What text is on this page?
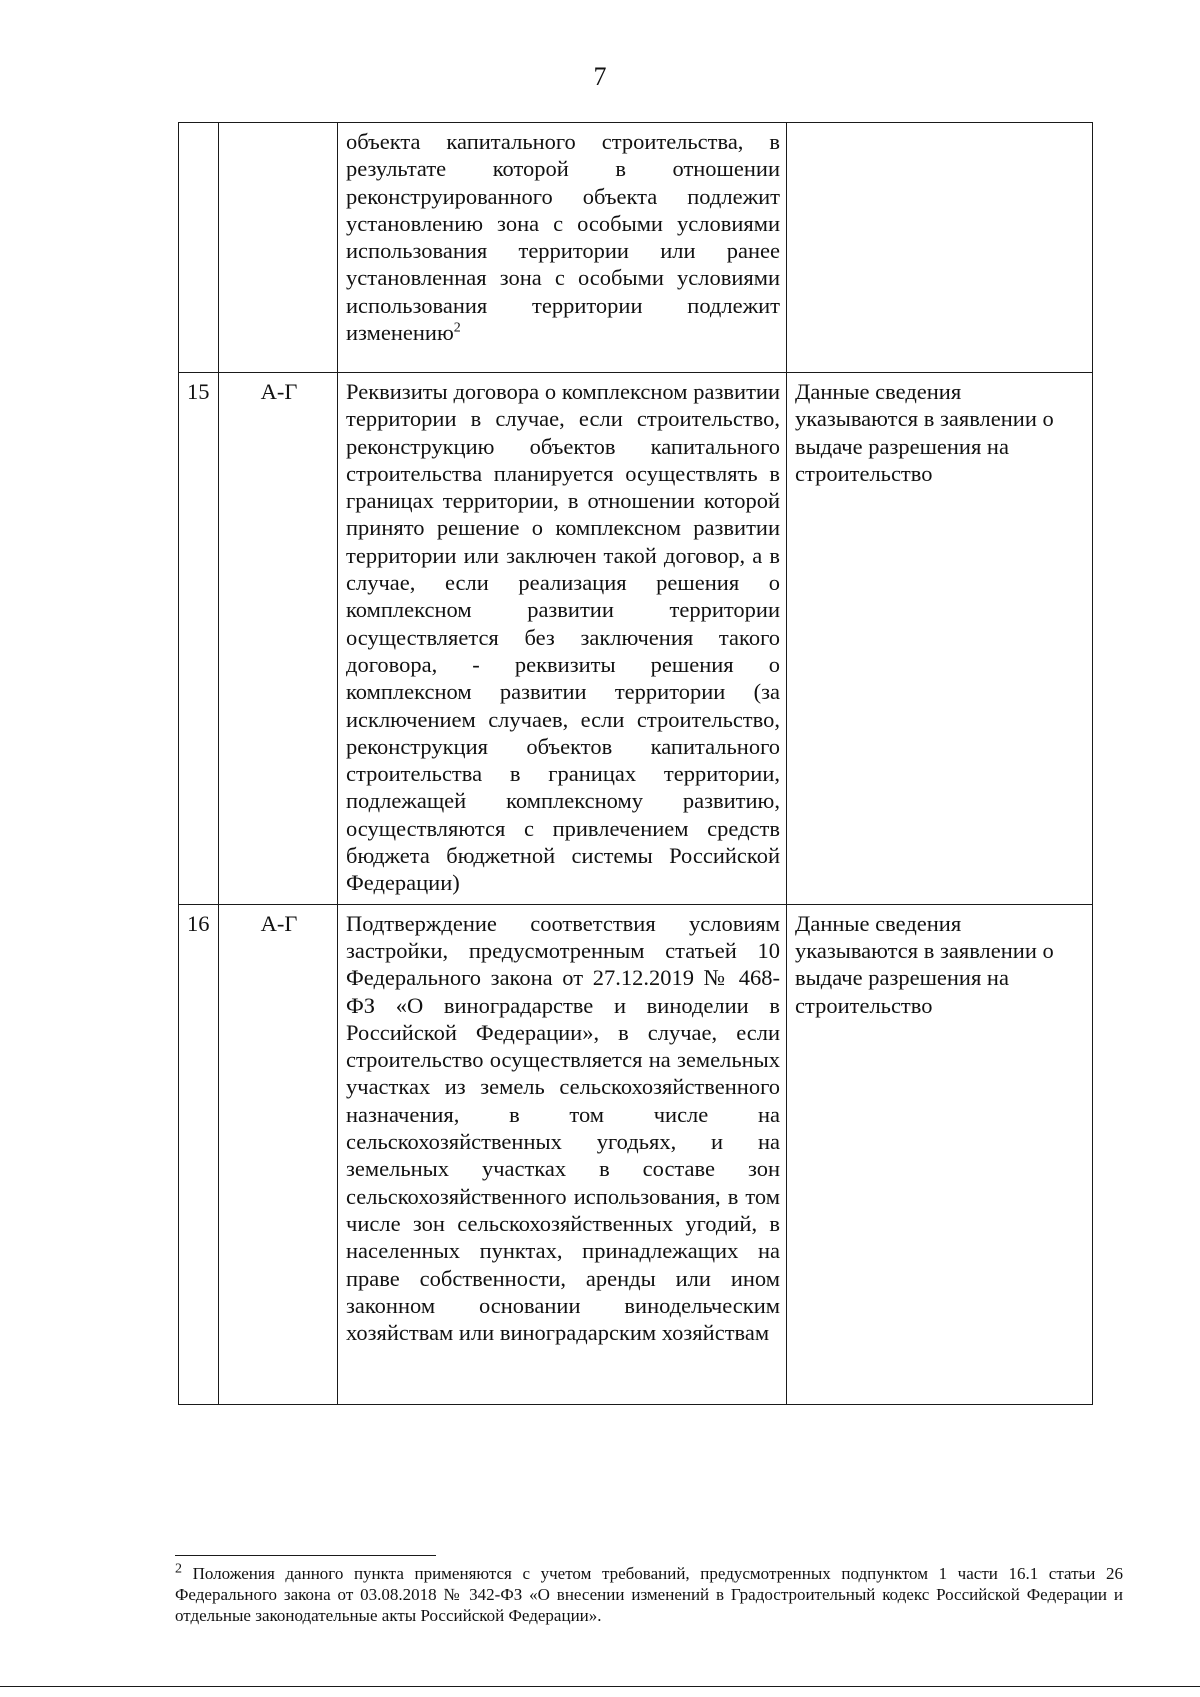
7
		объекта капитального строительства, в результате которой в отношении реконструированного объекта подлежит установлению зона с особыми условиями использования территории или ранее установленная зона с особыми условиями использования территории подлежит изменению$^2$	
15	А-Г	Реквизиты договора о комплексном развитии территории в случае, если строительство, реконструкцию объектов капитального строительства планируется осуществлять в границах территории, в отношении которой принято решение о комплексном развитии территории или заключен такой договор, а в случае, если реализация решения о комплексном развитии территории осуществляется без заключения такого договора, - реквизиты решения о комплексном развитии территории (за исключением случаев, если строительство, реконструкция объектов капитального строительства в границах территории, подлежащей комплексному развитию, осуществляются с привлечением средств бюджета бюджетной системы Российской Федерации)	Данные сведения указываются в заявлении о выдаче разрешения на строительство
16	А-Г	Подтверждение соответствия условиям застройки, предусмотренным статьей 10 Федерального закона от 27.12.2019 № 468-ФЗ «О виноградарстве и виноделии в Российской Федерации», в случае, если строительство осуществляется на земельных участках из земель сельскохозяйственного назначения, в том числе на сельскохозяйственных угодьях, и на земельных участках в составе зон сельскохозяйственного использования, в том числе зон сельскохозяйственных угодий, в населенных пунктах, принадлежащих на праве собственности, аренды или ином законном основании винодельческим хозяйствам или виноградарским хозяйствам	Данные сведения указываются в заявлении о выдаче разрешения на строительство
$^2$ Положения данного пункта применяются с учетом требований, предусмотренных подпунктом 1 части 16.1 статьи 26 Федерального закона от 03.08.2018 № 342-ФЗ «О внесении изменений в Градостроительный кодекс Российской Федерации и отдельные законодательные акты Российской Федерации».
